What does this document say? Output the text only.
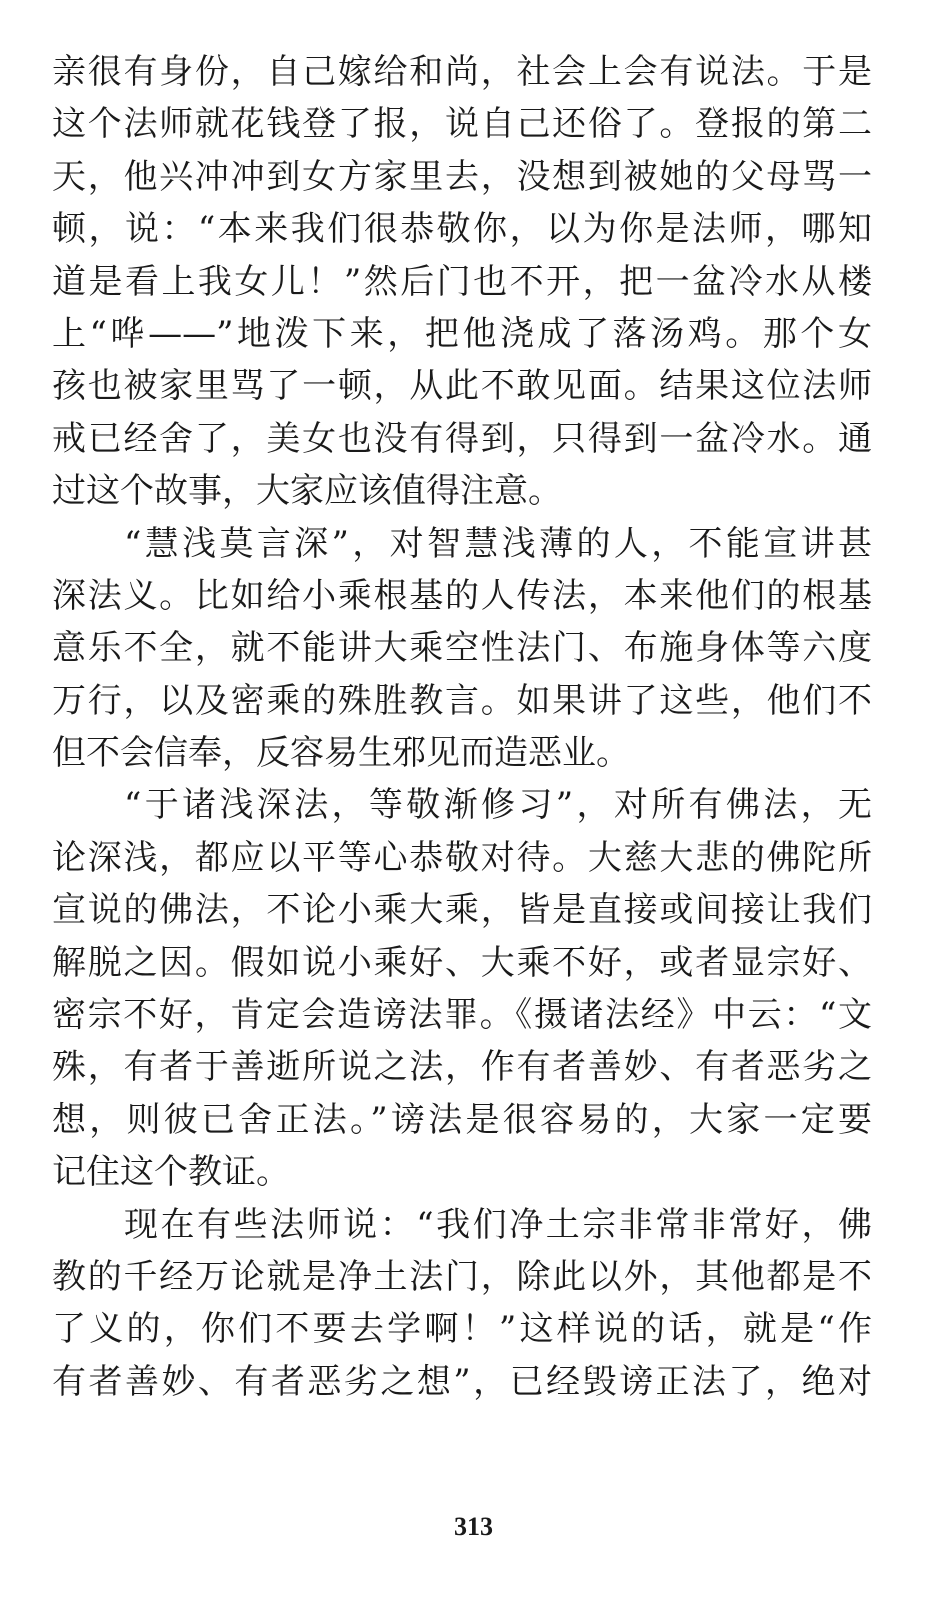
亲很有身份，自己嫁给和尚，社会上会有说法。于是
这个法师就花钱登了报，说自己还俗了。登报的第二
天，他兴冲冲到女方家里去，没想到被她的父母骂一
顿，说：“本来我们很恭敬你，以为你是法师，哪知
道是看上我女儿！”然后门也不开，把一盆冷水从楼
上“哗——”地泼下来，把他浇成了落汤鸡。那个女
孩也被家里骂了一顿，从此不敢见面。结果这位法师
戒已经舍了，美女也没有得到，只得到一盆冷水。通
过这个故事，大家应该值得注意。
“慧浅莫言深”，对智慧浅薄的人，不能宣讲甚
深法义。比如给小乘根基的人传法，本来他们的根基
意乐不全，就不能讲大乘空性法门、布施身体等六度
万行，以及密乘的殊胜教言。如果讲了这些，他们不
但不会信奉，反容易生邪见而造恶业。
“于诸浅深法，等敬渐修习”，对所有佛法，无
论深浅，都应以平等心恭敬对待。大慈大悲的佛陀所
宣说的佛法，不论小乘大乘，皆是直接或间接让我们
解脱之因。假如说小乘好、大乘不好，或者显宗好、
密宗不好，肯定会造谤法罪。《摄诸法经》中云：“文
殊，有者于善逝所说之法，作有者善妙、有者恶劣之
想，则彼已舍正法。”谤法是很容易的，大家一定要
记住这个教证。
现在有些法师说：“我们净土宗非常非常好，佛
教的千经万论就是净土法门，除此以外，其他都是不
了义的，你们不要去学啊！”这样说的话，就是“作
有者善妙、有者恶劣之想”，已经毁谤正法了，绝对
313
